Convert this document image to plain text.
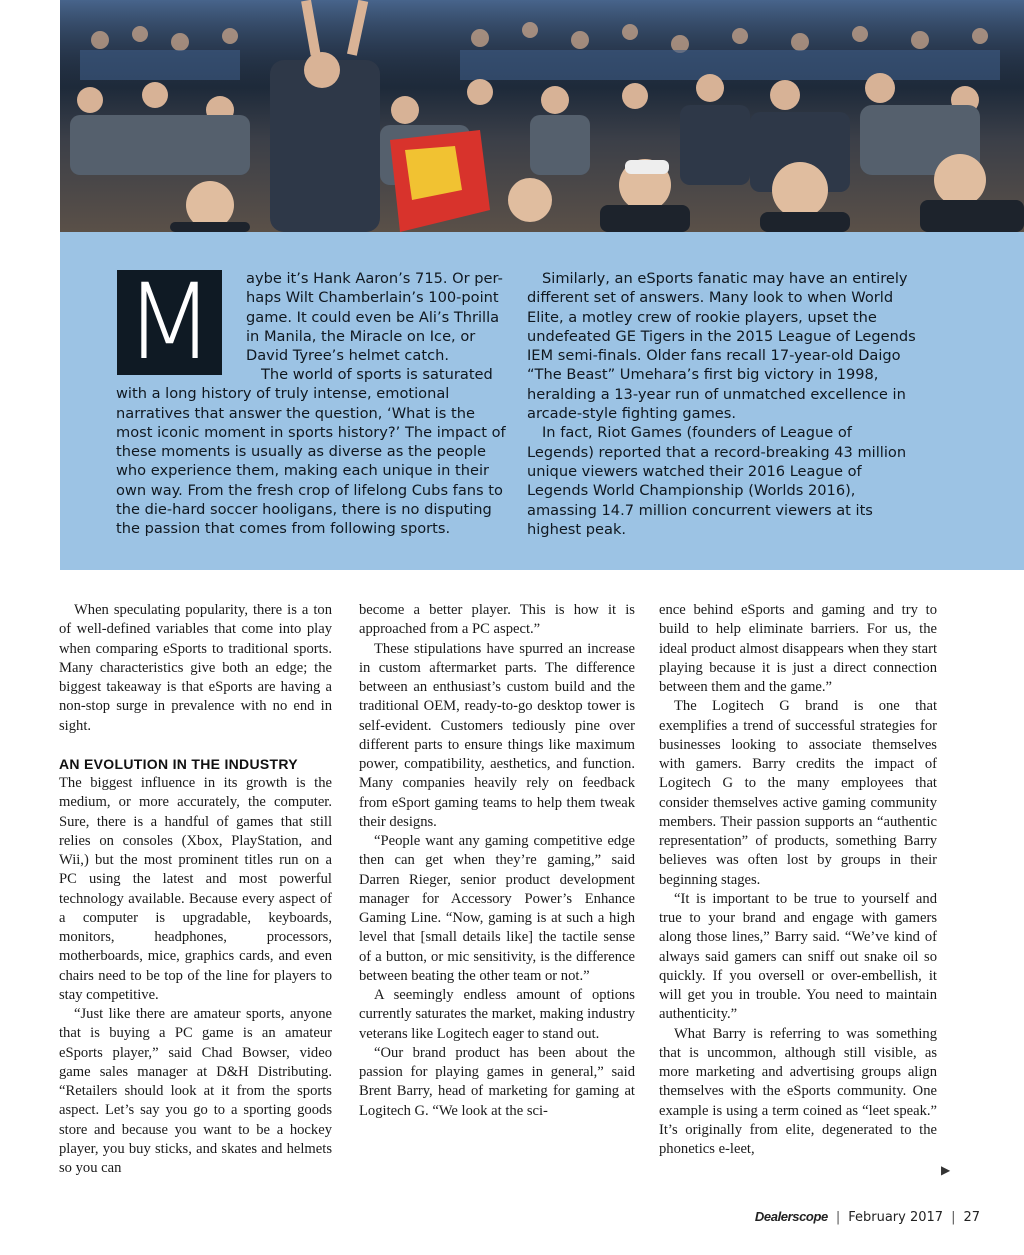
M	aybe it’s Hank Aaron’s 715. Or per-
haps Wilt Chamberlain’s 100-point
game. It could even be Ali’s Thrilla
in Manila, the Miracle on Ice, or
David Tyree’s helmet catch.

The world of sports is saturated with a long history of truly intense, emotional narratives that answer the question, ‘What is the most iconic moment in sports history?’ The impact of these moments is usually as diverse as the people who experience them, making each unique in their own way. From the fresh crop of lifelong Cubs fans to the die-hard soccer hooligans, there is no disputing the passion that comes from following sports.

Similarly, an eSports fanatic may have an entirely different set of answers. Many look to when World Elite, a motley crew of rookie players, upset the undefeated GE Tigers in the 2015 League of Legends IEM semi-finals. Older fans recall 17-year-old Daigo “The Beast” Umehara’s first big victory in 1998, heralding a 13-year run of unmatched excellence in arcade-style fighting games.

In fact, Riot Games (founders of League of Legends) reported that a record-breaking 43 million unique viewers watched their 2016 League of Legends World Championship (Worlds 2016), amassing 14.7 million concurrent viewers at its highest peak.

When speculating popularity, there is a ton of well-defined variables that come into play when comparing eSports to traditional sports. Many characteristics give both an edge; the biggest takeaway is that eSports are having a non-stop surge in prevalence with no end in sight.

AN EVOLUTION IN THE INDUSTRY

The biggest influence in its growth is the medium, or more accurately, the computer. Sure, there is a handful of games that still relies on consoles (Xbox, PlayStation, and Wii,) but the most prominent titles run on a PC using the latest and most powerful technology available. Because every aspect of a computer is upgradable, keyboards, monitors, headphones, processors, motherboards, mice, graphics cards, and even chairs need to be top of the line for players to stay competitive.

“Just like there are amateur sports, anyone that is buying a PC game is an amateur eSports player,” said Chad Bowser, video game sales manager at D&H Distributing. “Retailers should look at it from the sports aspect. Let’s say you go to a sporting goods store and because you want to be a hockey player, you buy sticks, and skates and helmets so you can

become a better player. This is how it is approached from a PC aspect.”

These stipulations have spurred an increase in custom aftermarket parts. The difference between an enthusiast’s custom build and the traditional OEM, ready-to-go desktop tower is self-evident. Customers tediously pine over different parts to ensure things like maximum power, compatibility, aesthetics, and function. Many companies heavily rely on feedback from eSport gaming teams to help them tweak their designs.

“People want any gaming competitive edge then can get when they’re gaming,” said Darren Rieger, senior product development manager for Accessory Power’s Enhance Gaming Line. “Now, gaming is at such a high level that [small details like] the tactile sense of a button, or mic sensitivity, is the difference between beating the other team or not.”

A seemingly endless amount of options currently saturates the market, making industry veterans like Logitech eager to stand out.

“Our brand product has been about the passion for playing games in general,” said Brent Barry, head of marketing for gaming at Logitech G. “We look at the sci-

ence behind eSports and gaming and try to build to help eliminate barriers. For us, the ideal product almost disappears when they start playing because it is just a direct connection between them and the game.”

The Logitech G brand is one that exemplifies a trend of successful strategies for businesses looking to associate themselves with gamers. Barry credits the impact of Logitech G to the many employees that consider themselves active gaming community members. Their passion supports an “authentic representation” of products, something Barry believes was often lost by groups in their beginning stages.

“It is important to be true to yourself and true to your brand and engage with gamers along those lines,” Barry said. “We’ve kind of always said gamers can sniff out snake oil so quickly. If you oversell or over-embellish, it will get you in trouble. You need to maintain authenticity.”

What Barry is referring to was something that is uncommon, although still visible, as more marketing and advertising groups align themselves with the eSports community. One example is using a term coined as “leet speak.” It’s originally from elite, degenerated to the phonetics e-leet,

▶
Dealerscope | February 2017 | 27
